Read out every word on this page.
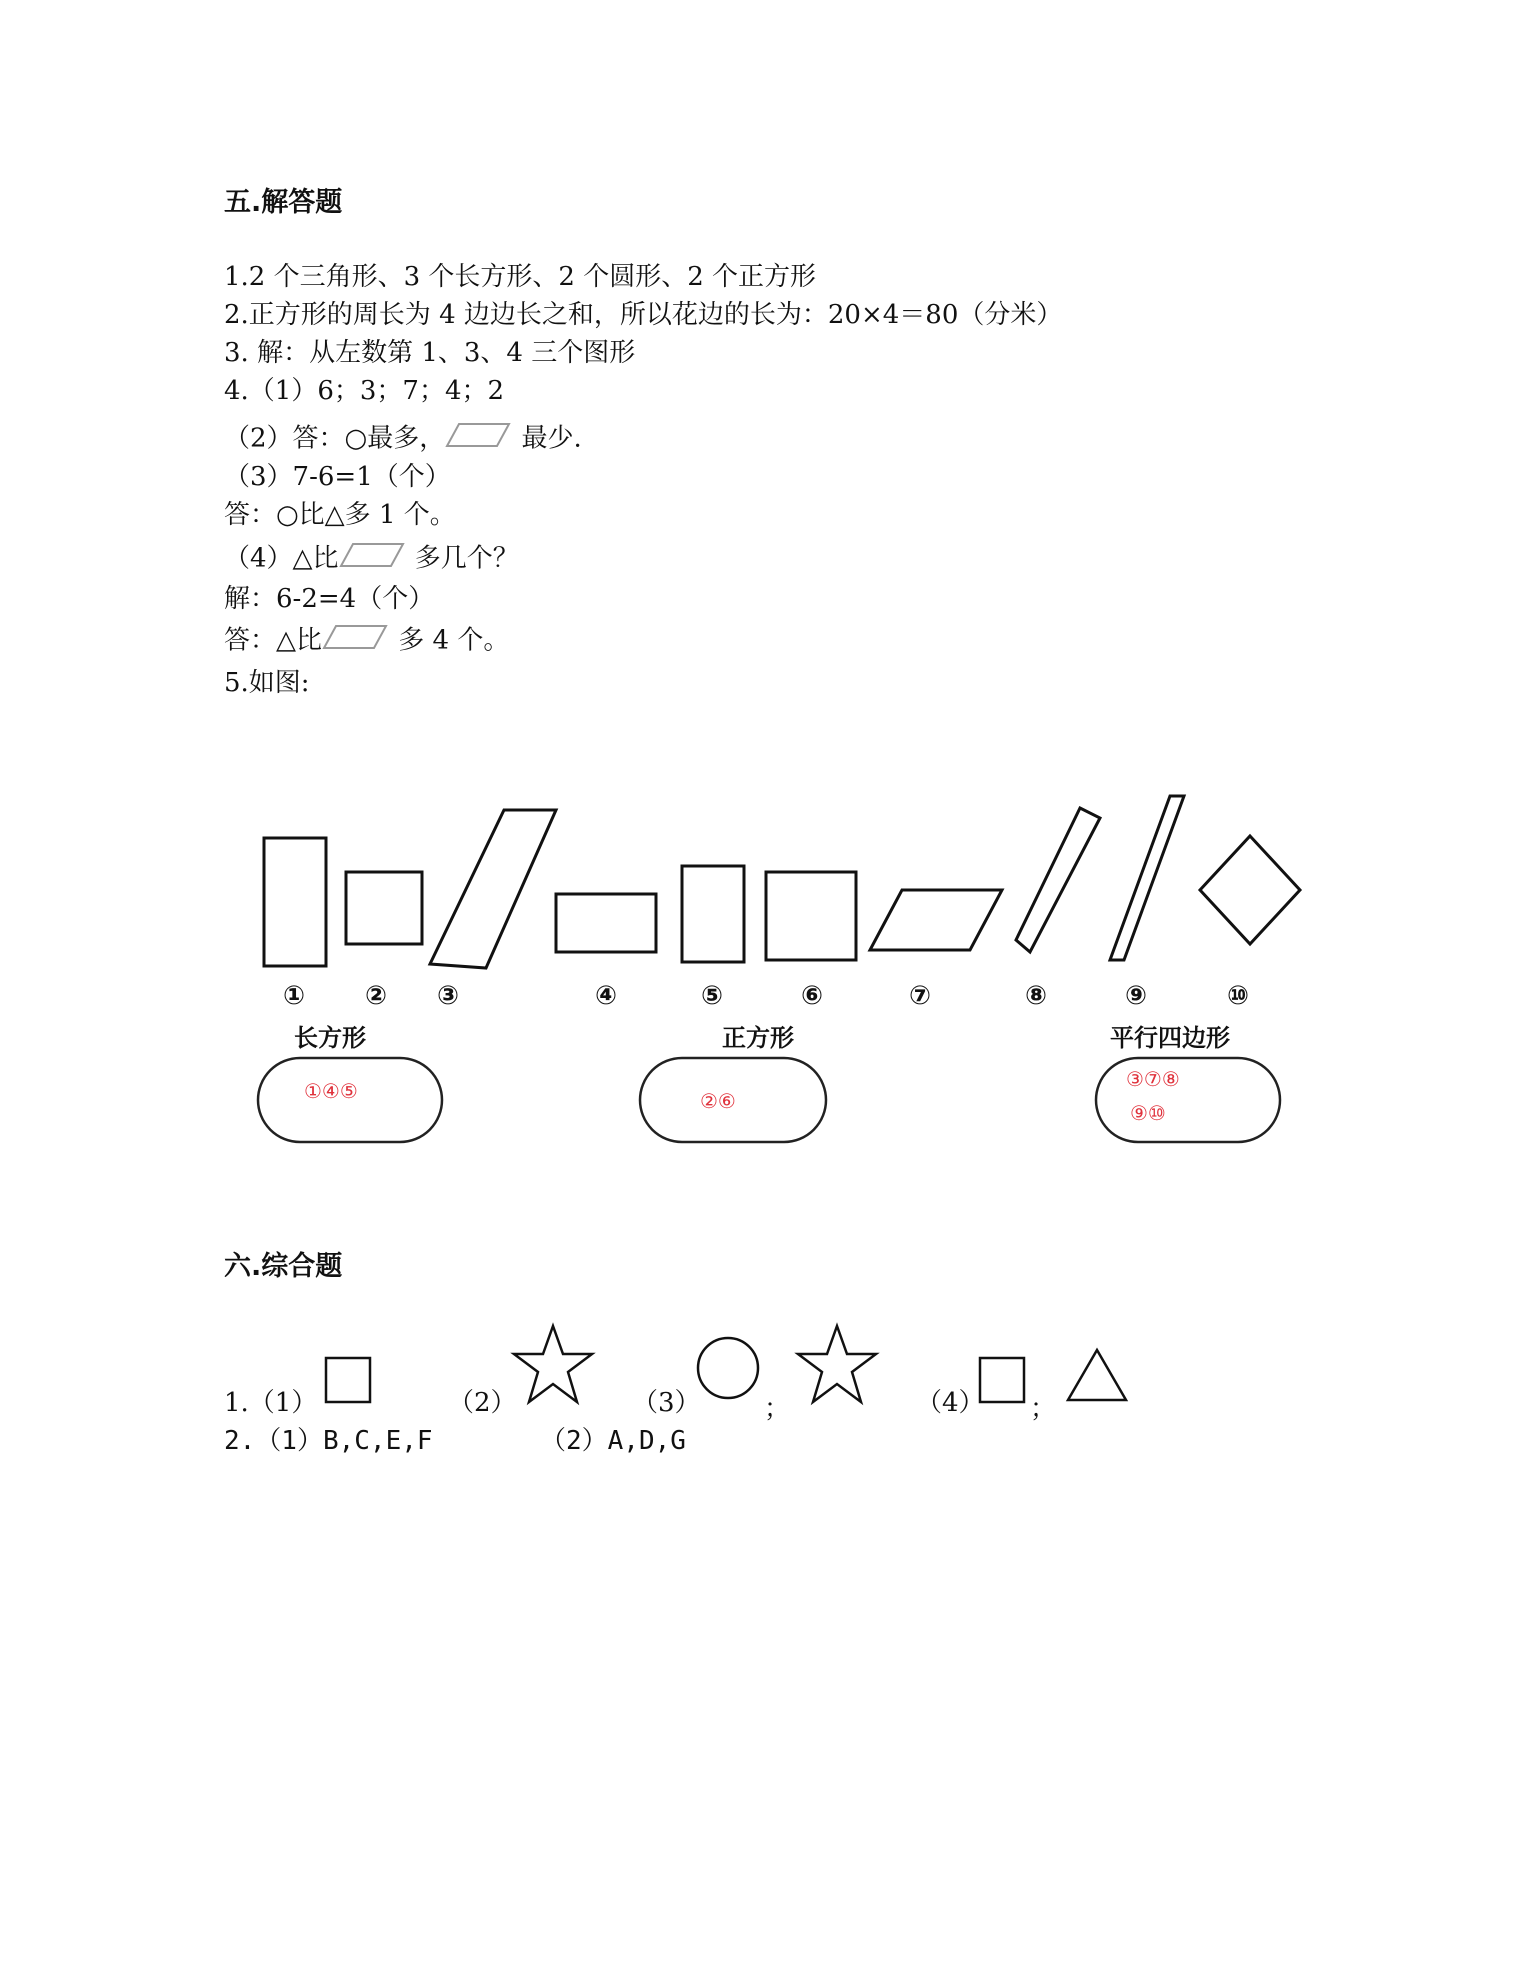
五.解答题
1.2 个三角形、3 个长方形、2 个圆形、2 个正方形
2.正方形的周长为 4 边边长之和，所以花边的长为：20×4＝80（分米）
3. 解：从左数第 1、3、4 三个图形
4.（1）6；3；7；4；2
（2）答：○最多，	最少.
（3）7-6=1（个）
答：○比△多 1 个。
（4）△比	多几个？
解：6-2=4（个）
答：△比	多 4 个。
5.如图:
① ② ③	④	⑤	⑥	⑦	⑧	⑨	⑩
长方形	正方形	平行四边形
①④⑤	②⑥
③⑦⑧
⑨⑩
六.综合题
1.（1）	（2）	（3） ；	（4） ；
2.（1）B,C,E,F	（2）A,D,G
